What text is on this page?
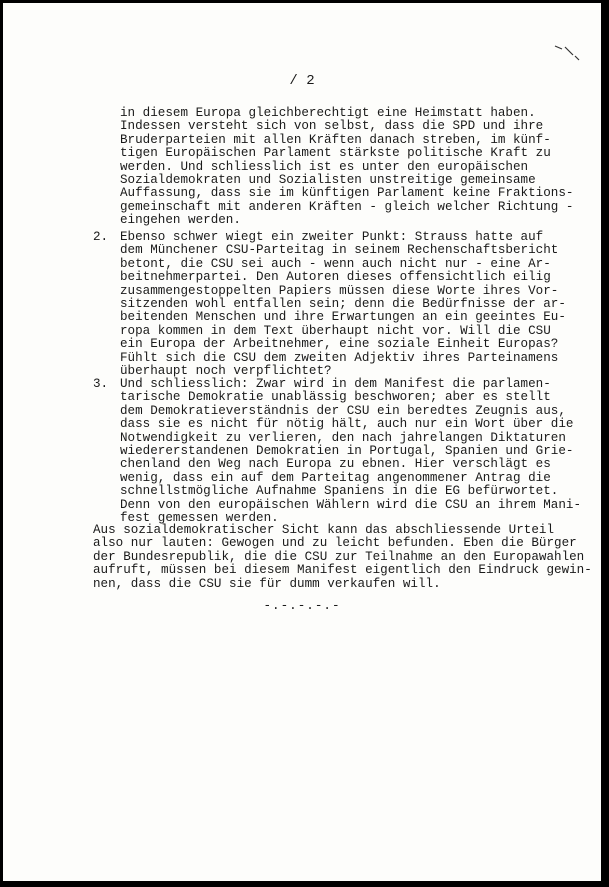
/ 2
in diesem Europa gleichberechtigt eine Heimstatt haben.
Indessen versteht sich von selbst, dass die SPD und ihre
Bruderparteien mit allen Kräften danach streben, im künf-
tigen Europäischen Parlament stärkste politische Kraft zu
werden. Und schliesslich ist es unter den europäischen
Sozialdemokraten und Sozialisten unstreitige gemeinsame
Auffassung, dass sie im künftigen Parlament keine Fraktions-
gemeinschaft mit anderen Kräften - gleich welcher Richtung -
eingehen werden.
2. Ebenso schwer wiegt ein zweiter Punkt: Strauss hatte auf
dem Münchener CSU-Parteitag in seinem Rechenschaftsbericht
betont, die CSU sei auch - wenn auch nicht nur - eine Ar-
beitnehmerpartei. Den Autoren dieses offensichtlich eilig
zusammengestoppelten Papiers müssen diese Worte ihres Vor-
sitzenden wohl entfallen sein; denn die Bedürfnisse der ar-
beitenden Menschen und ihre Erwartungen an ein geeintes Eu-
ropa kommen in dem Text überhaupt nicht vor. Will die CSU
ein Europa der Arbeitnehmer, eine soziale Einheit Europas?
Fühlt sich die CSU dem zweiten Adjektiv ihres Parteinamens
überhaupt noch verpflichtet?
3. Und schliesslich: Zwar wird in dem Manifest die parlamen-
tarische Demokratie unablässig beschworen; aber es stellt
dem Demokratieverständnis der CSU ein beredtes Zeugnis aus,
dass sie es nicht für nötig hält, auch nur ein Wort über die
Notwendigkeit zu verlieren, den nach jahrelangen Diktaturen
wiedererstandenen Demokratien in Portugal, Spanien und Grie-
chenland den Weg nach Europa zu ebnen. Hier verschlägt es
wenig, dass ein auf dem Parteitag angenommener Antrag die
schnellstmögliche Aufnahme Spaniens in die EG befürwortet.
Denn von den europäischen Wählern wird die CSU an ihrem Mani-
fest gemessen werden.
Aus sozialdemokratischer Sicht kann das abschliessende Urteil
also nur lauten: Gewogen und zu leicht befunden. Eben die Bürger
der Bundesrepublik, die die CSU zur Teilnahme an den Europawahlen
aufruft, müssen bei diesem Manifest eigentlich den Eindruck gewin-
nen, dass die CSU sie für dumm verkaufen will.
-.-.-.-.-
